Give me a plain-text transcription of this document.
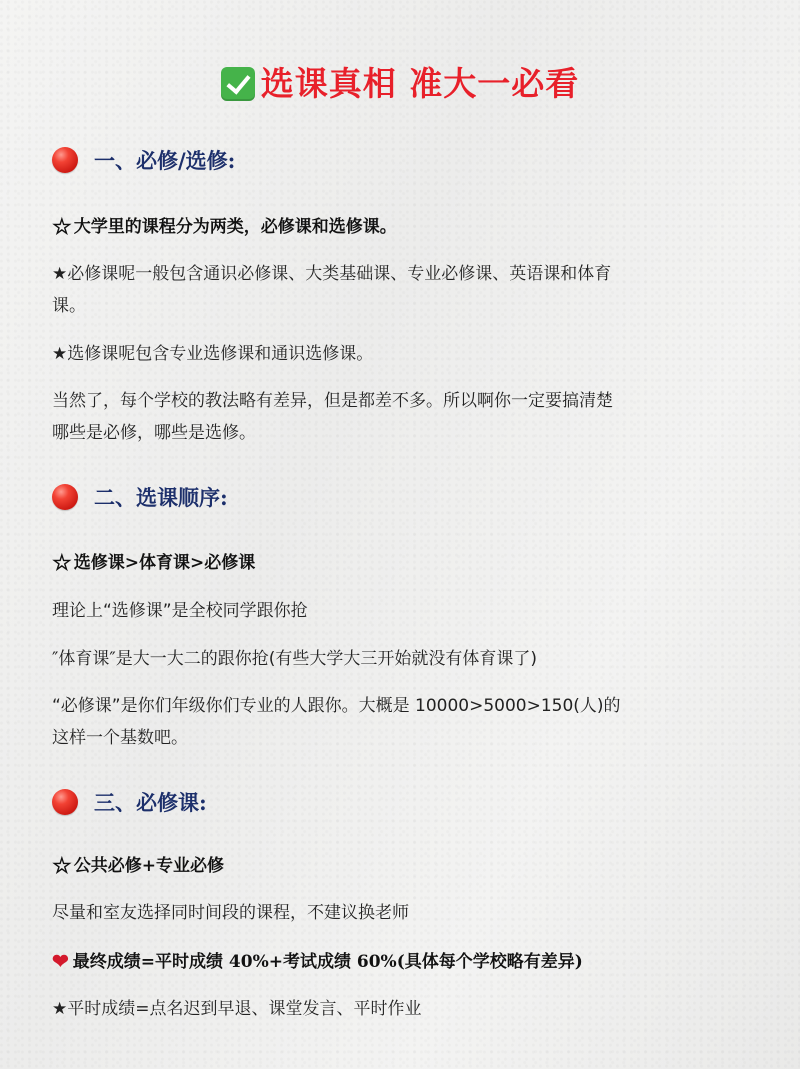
选课真相 准大一必看
一、必修/选修:
☆ 大学里的课程分为两类，必修课和选修课。
★必修课呢一般包含通识必修课、大类基础课、专业必修课、英语课和体育
课。
★选修课呢包含专业选修课和通识选修课。
当然了，每个学校的教法略有差异，但是都差不多。所以啊你一定要搞清楚
哪些是必修，哪些是选修。
二、选课顺序:
☆ 选修课>体育课>必修课
理论上“选修课”是全校同学跟你抢
″体育课″是大一大二的跟你抢(有些大学大三开始就没有体育课了)
“必修课”是你们年级你们专业的人跟你。大概是 10000>5000>150(人)的
这样一个基数吧。
三、必修课:
☆ 公共必修+专业必修
尽量和室友选择同时间段的课程，不建议换老师
❤ 最终成绩=平时成绩 40%+考试成绩 60%(具体每个学校略有差异)
★平时成绩=点名迟到早退、课堂发言、平时作业
